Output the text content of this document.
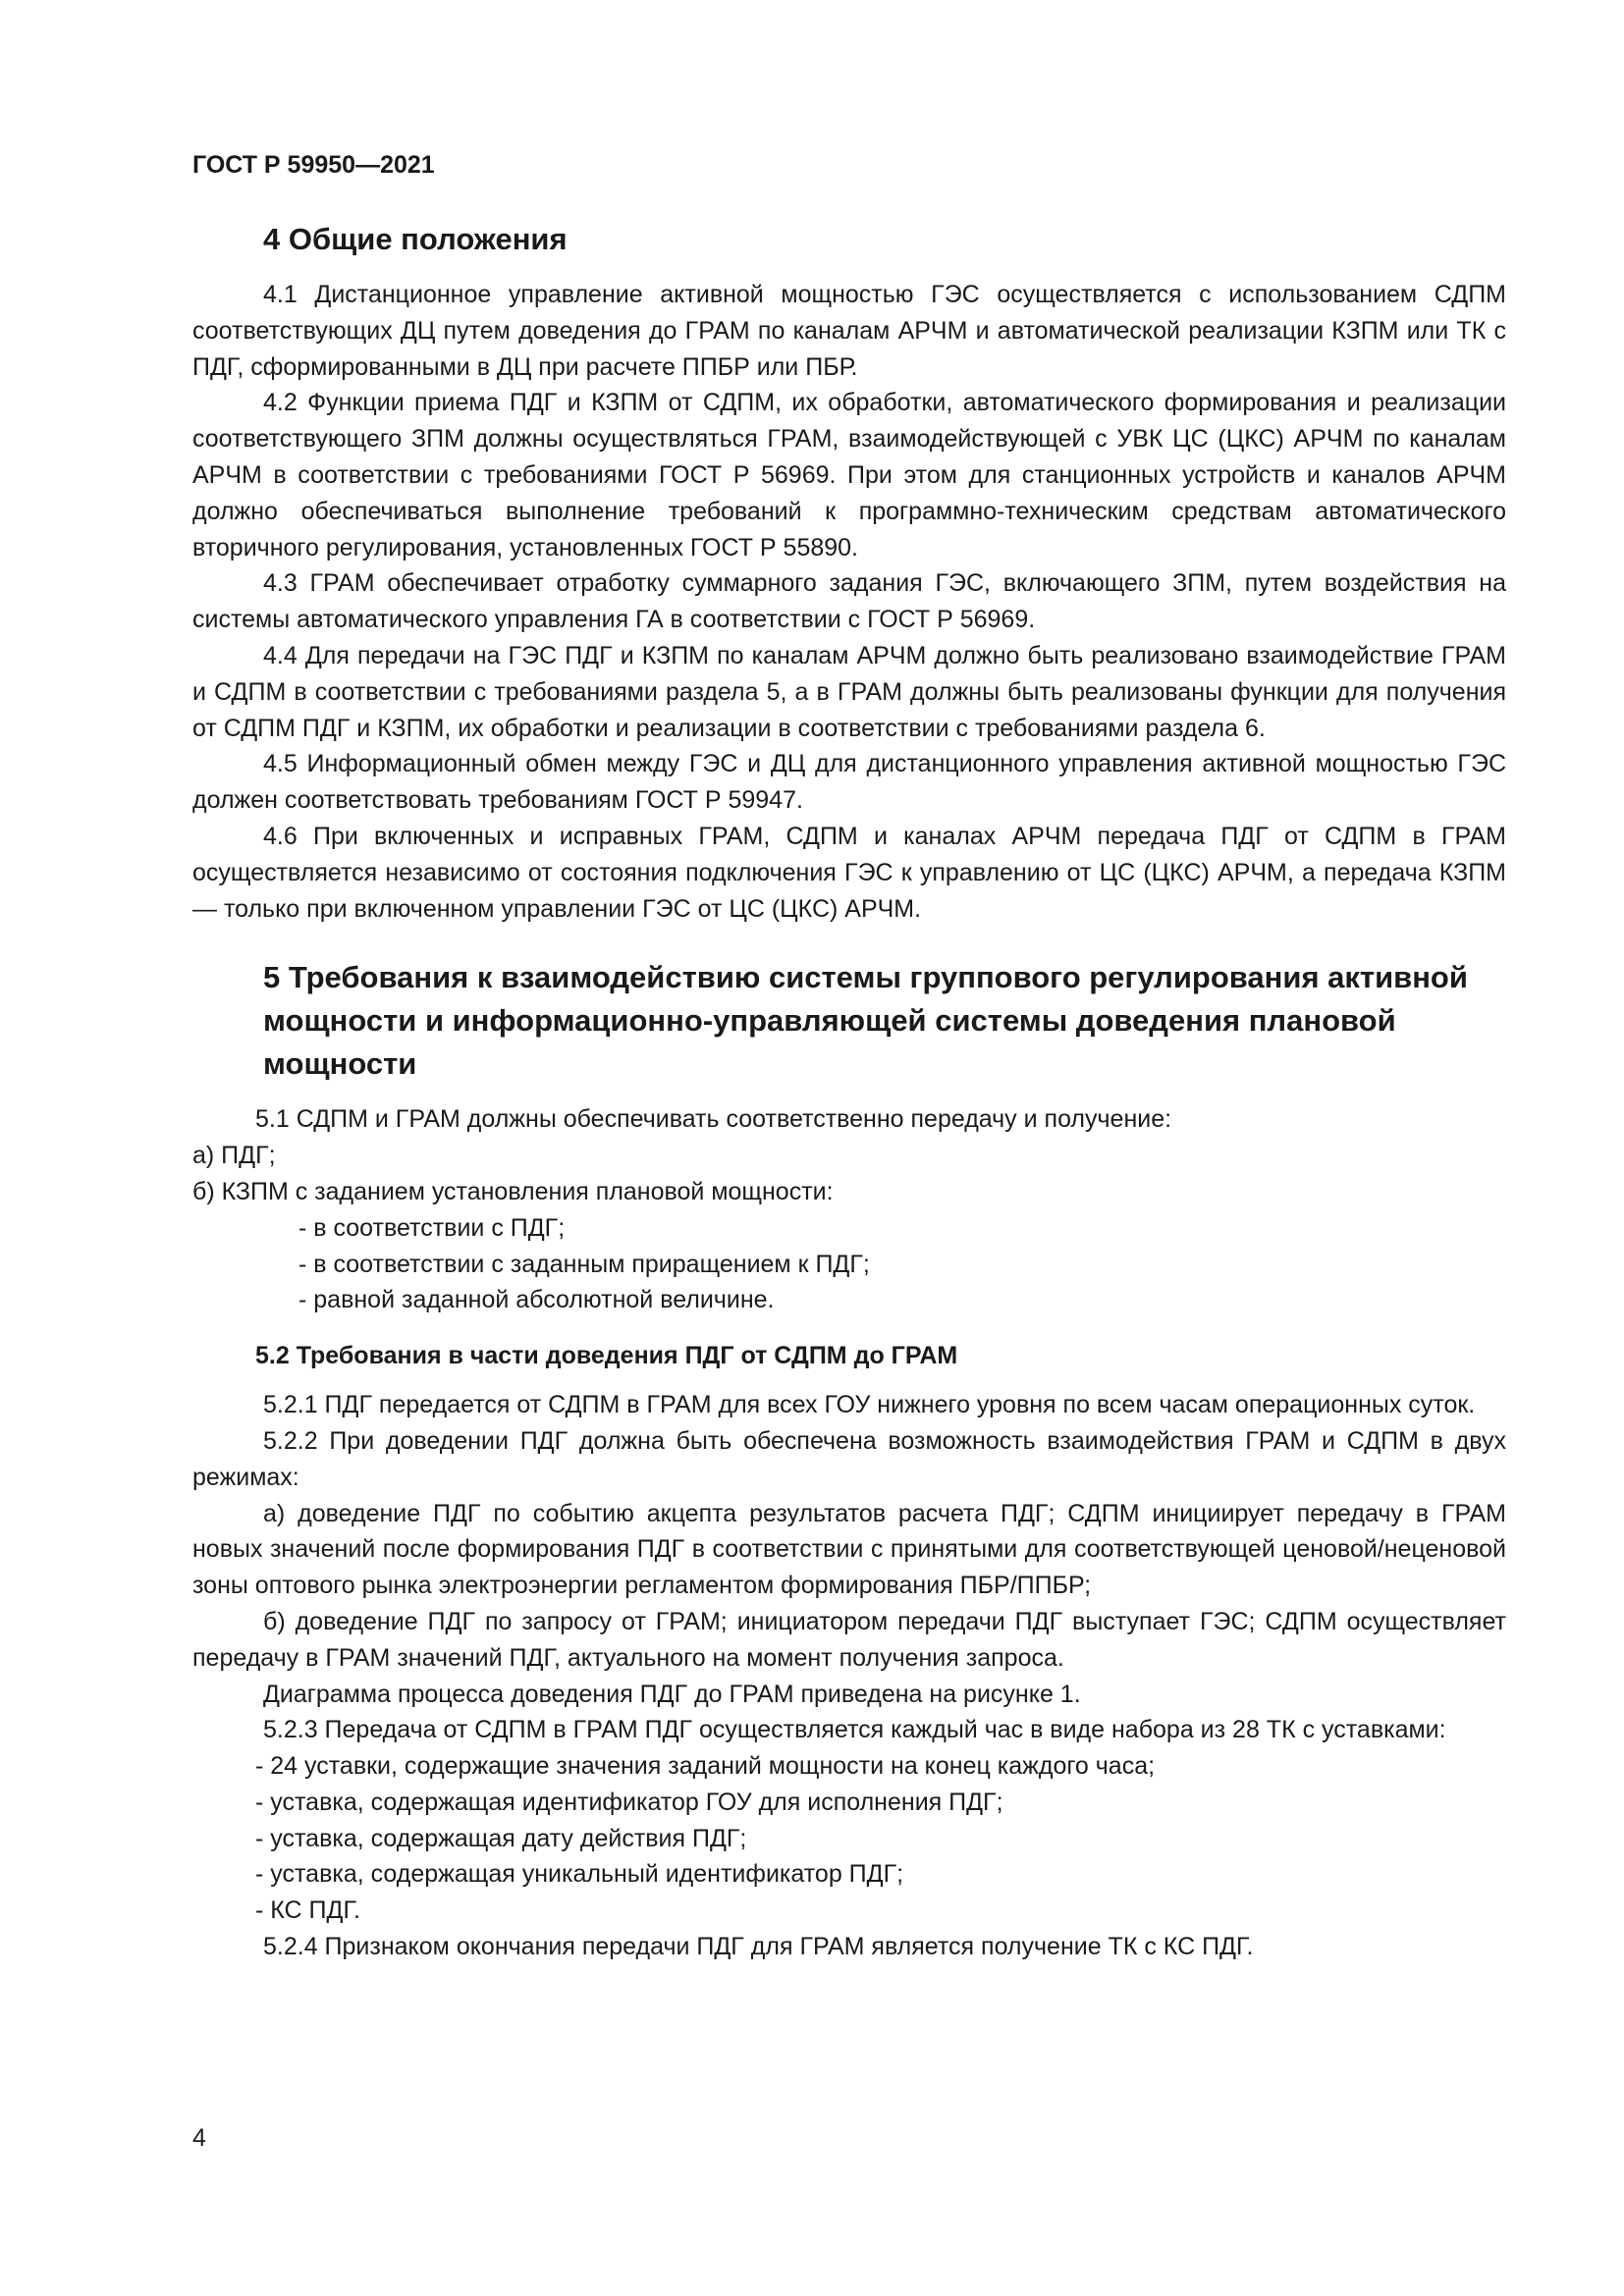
ГОСТ Р 59950—2021

4 Общие положения

4.1 Дистанционное управление активной мощностью ГЭС осуществляется с использованием СДПМ соответствующих ДЦ путем доведения до ГРАМ по каналам АРЧМ и автоматической реализации КЗПМ или ТК с ПДГ, сформированными в ДЦ при расчете ППБР или ПБР.

4.2 Функции приема ПДГ и КЗПМ от СДПМ, их обработки, автоматического формирования и реализации соответствующего ЗПМ должны осуществляться ГРАМ, взаимодействующей с УВК ЦС (ЦКС) АРЧМ по каналам АРЧМ в соответствии с требованиями ГОСТ Р 56969. При этом для станционных устройств и каналов АРЧМ должно обеспечиваться выполнение требований к программно-техническим средствам автоматического вторичного регулирования, установленных ГОСТ Р 55890.

4.3 ГРАМ обеспечивает отработку суммарного задания ГЭС, включающего ЗПМ, путем воздействия на системы автоматического управления ГА в соответствии с ГОСТ Р 56969.

4.4 Для передачи на ГЭС ПДГ и КЗПМ по каналам АРЧМ должно быть реализовано взаимодействие ГРАМ и СДПМ в соответствии с требованиями раздела 5, а в ГРАМ должны быть реализованы функции для получения от СДПМ ПДГ и КЗПМ, их обработки и реализации в соответствии с требованиями раздела 6.

4.5 Информационный обмен между ГЭС и ДЦ для дистанционного управления активной мощностью ГЭС должен соответствовать требованиям ГОСТ Р 59947.

4.6 При включенных и исправных ГРАМ, СДПМ и каналах АРЧМ передача ПДГ от СДПМ в ГРАМ осуществляется независимо от состояния подключения ГЭС к управлению от ЦС (ЦКС) АРЧМ, а передача КЗПМ — только при включенном управлении ГЭС от ЦС (ЦКС) АРЧМ.

5 Требования к взаимодействию системы группового регулирования активной мощности и информационно-управляющей системы доведения плановой мощности

5.1 СДПМ и ГРАМ должны обеспечивать соответственно передачу и получение:

а) ПДГ;

б) КЗПМ с заданием установления плановой мощности:

- в соответствии с ПДГ;

- в соответствии с заданным приращением к ПДГ;

- равной заданной абсолютной величине.

5.2 Требования в части доведения ПДГ от СДПМ до ГРАМ

5.2.1 ПДГ передается от СДПМ в ГРАМ для всех ГОУ нижнего уровня по всем часам операционных суток.

5.2.2 При доведении ПДГ должна быть обеспечена возможность взаимодействия ГРАМ и СДПМ в двух режимах:

а) доведение ПДГ по событию акцепта результатов расчета ПДГ; СДПМ инициирует передачу в ГРАМ новых значений после формирования ПДГ в соответствии с принятыми для соответствующей ценовой/неценовой зоны оптового рынка электроэнергии регламентом формирования ПБР/ППБР;

б) доведение ПДГ по запросу от ГРАМ; инициатором передачи ПДГ выступает ГЭС; СДПМ осуществляет передачу в ГРАМ значений ПДГ, актуального на момент получения запроса.

Диаграмма процесса доведения ПДГ до ГРАМ приведена на рисунке 1.

5.2.3 Передача от СДПМ в ГРАМ ПДГ осуществляется каждый час в виде набора из 28 ТК с уставками:

- 24 уставки, содержащие значения заданий мощности на конец каждого часа;

- уставка, содержащая идентификатор ГОУ для исполнения ПДГ;

- уставка, содержащая дату действия ПДГ;

- уставка, содержащая уникальный идентификатор ПДГ;

- КС ПДГ.

5.2.4 Признаком окончания передачи ПДГ для ГРАМ является получение ТК с КС ПДГ.

4
